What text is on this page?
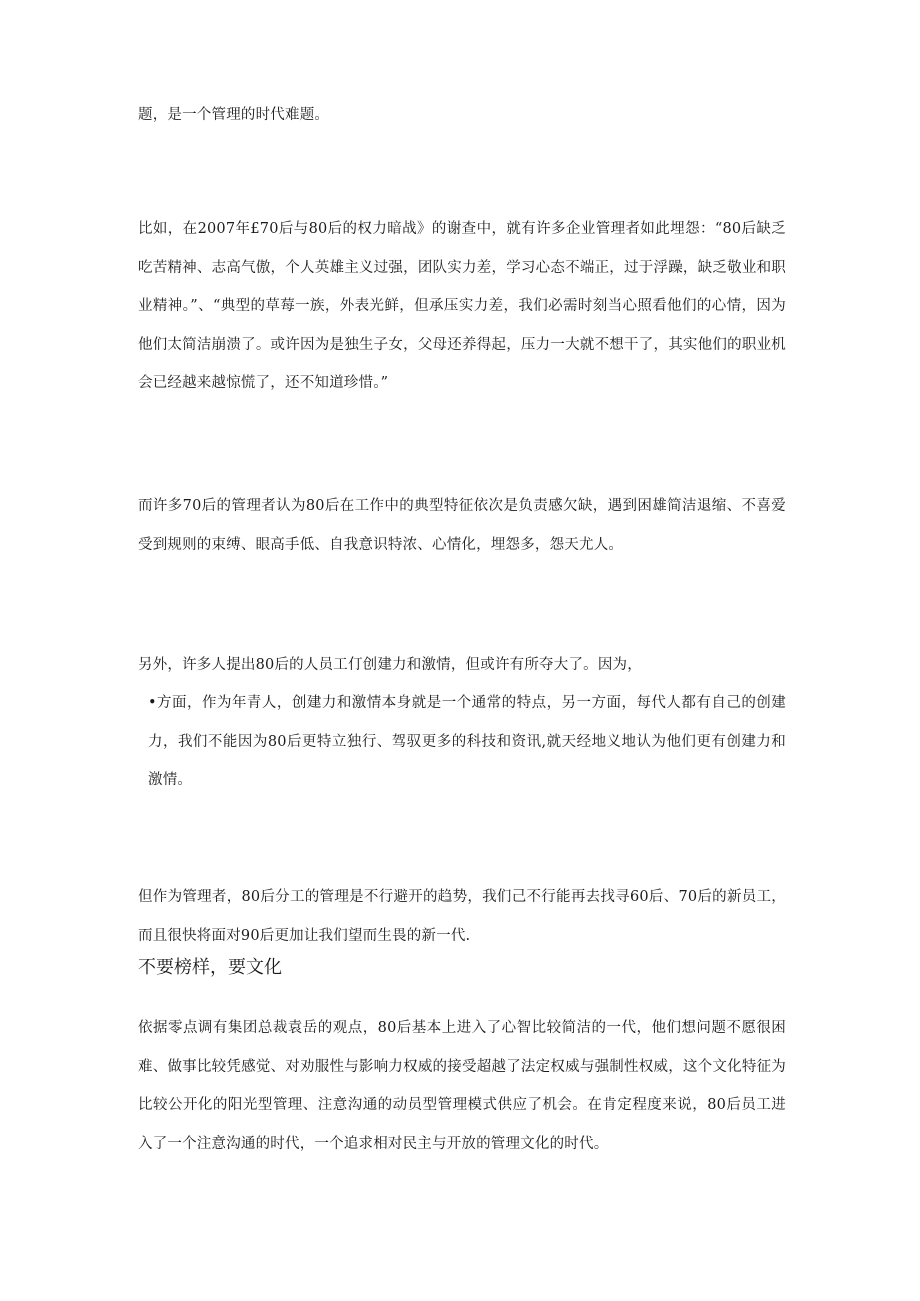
题，是一个管理的时代难题。

比如，在2007年£70后与80后的权力暗战》的谢查中，就有许多企业管理者如此埋怨：“80后缺乏吃苦精神、志高气傲，个人英雄主义过强，团队实力差，学习心态不端正，过于浮躁，缺乏敬业和职业精神。”、“典型的草莓一族，外表光鲜，但承压实力差，我们必需时刻当心照看他们的心情，因为他们太简洁崩溃了。或许因为是独生子女，父母还养得起，压力一大就不想干了，其实他们的职业机会已经越来越惊慌了，还不知道珍惜。”

而许多70后的管理者认为80后在工作中的典型特征依次是负责感欠缺，遇到困雄简洁退缩、不喜爱受到规则的束缚、眼高手低、自我意识特浓、心情化，埋怨多，怨天尤人。

另外，许多人提出80后的人员工仃创建力和激情，但或许有所夺大了。因为，

•方面，作为年青人，创建力和激情本身就是一个通常的特点，另一方面，每代人都有自己的创建力，我们不能因为80后更特立独行、驾驭更多的科技和资讯,就天经地义地认为他们更有创建力和激情。

但作为管理者，80后分工的管理是不行避开的趋势，我们己不行能再去找寻60后、70后的新员工，而且很快将面对90后更加让我们望而生畏的新一代.

不要榜样，要文化

依据零点调有集团总裁袁岳的观点，80后基本上进入了心智比较简洁的一代，他们想问题不愿很困难、做事比较凭感觉、对劝服性与影响力权威的接受超越了法定权威与强制性权威，这个文化特征为比较公开化的阳光型管理、注意沟通的动员型管理模式供应了机会。在肯定程度来说，80后员工进入了一个注意沟通的时代，一个追求相对民主与开放的管理文化的时代。
